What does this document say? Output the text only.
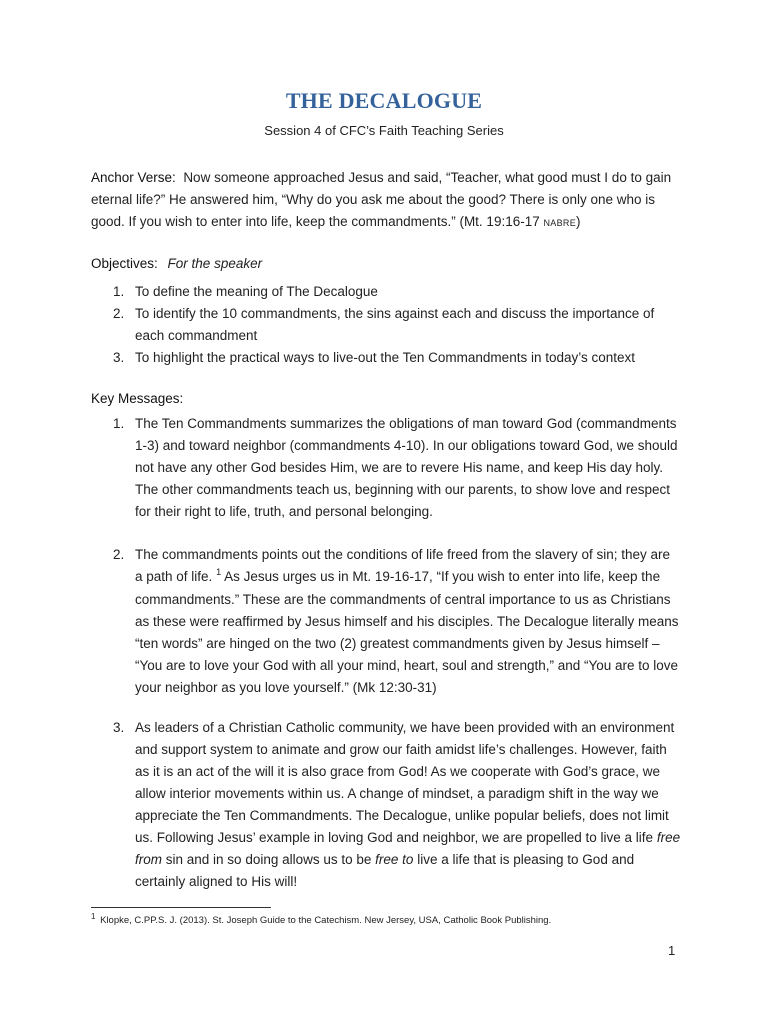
THE DECALOGUE
Session 4 of CFC’s Faith Teaching Series
Anchor Verse: Now someone approached Jesus and said, “Teacher, what good must I do to gain eternal life?” He answered him, “Why do you ask me about the good? There is only one who is good. If you wish to enter into life, keep the commandments.” (Mt. 19:16-17 NABRE)
Objectives: For the speaker
1. To define the meaning of The Decalogue
2. To identify the 10 commandments, the sins against each and discuss the importance of each commandment
3. To highlight the practical ways to live-out the Ten Commandments in today’s context
Key Messages:
1. The Ten Commandments summarizes the obligations of man toward God (commandments 1-3) and toward neighbor (commandments 4-10). In our obligations toward God, we should not have any other God besides Him, we are to revere His name, and keep His day holy. The other commandments teach us, beginning with our parents, to show love and respect for their right to life, truth, and personal belonging.
2. The commandments points out the conditions of life freed from the slavery of sin; they are a path of life. $^1$ As Jesus urges us in Mt. 19-16-17, “If you wish to enter into life, keep the commandments.” These are the commandments of central importance to us as Christians as these were reaffirmed by Jesus himself and his disciples. The Decalogue literally means “ten words” are hinged on the two (2) greatest commandments given by Jesus himself – “You are to love your God with all your mind, heart, soul and strength,” and “You are to love your neighbor as you love yourself.” (Mk 12:30-31)
3. As leaders of a Christian Catholic community, we have been provided with an environment and support system to animate and grow our faith amidst life’s challenges. However, faith as it is an act of the will it is also grace from God! As we cooperate with God’s grace, we allow interior movements within us. A change of mindset, a paradigm shift in the way we appreciate the Ten Commandments. The Decalogue, unlike popular beliefs, does not limit us. Following Jesus’ example in loving God and neighbor, we are propelled to live a life free from sin and in so doing allows us to be free to live a life that is pleasing to God and certainly aligned to His will!
$^1$ Klopke, C.PP.S. J. (2013). St. Joseph Guide to the Catechism. New Jersey, USA, Catholic Book Publishing.
1
